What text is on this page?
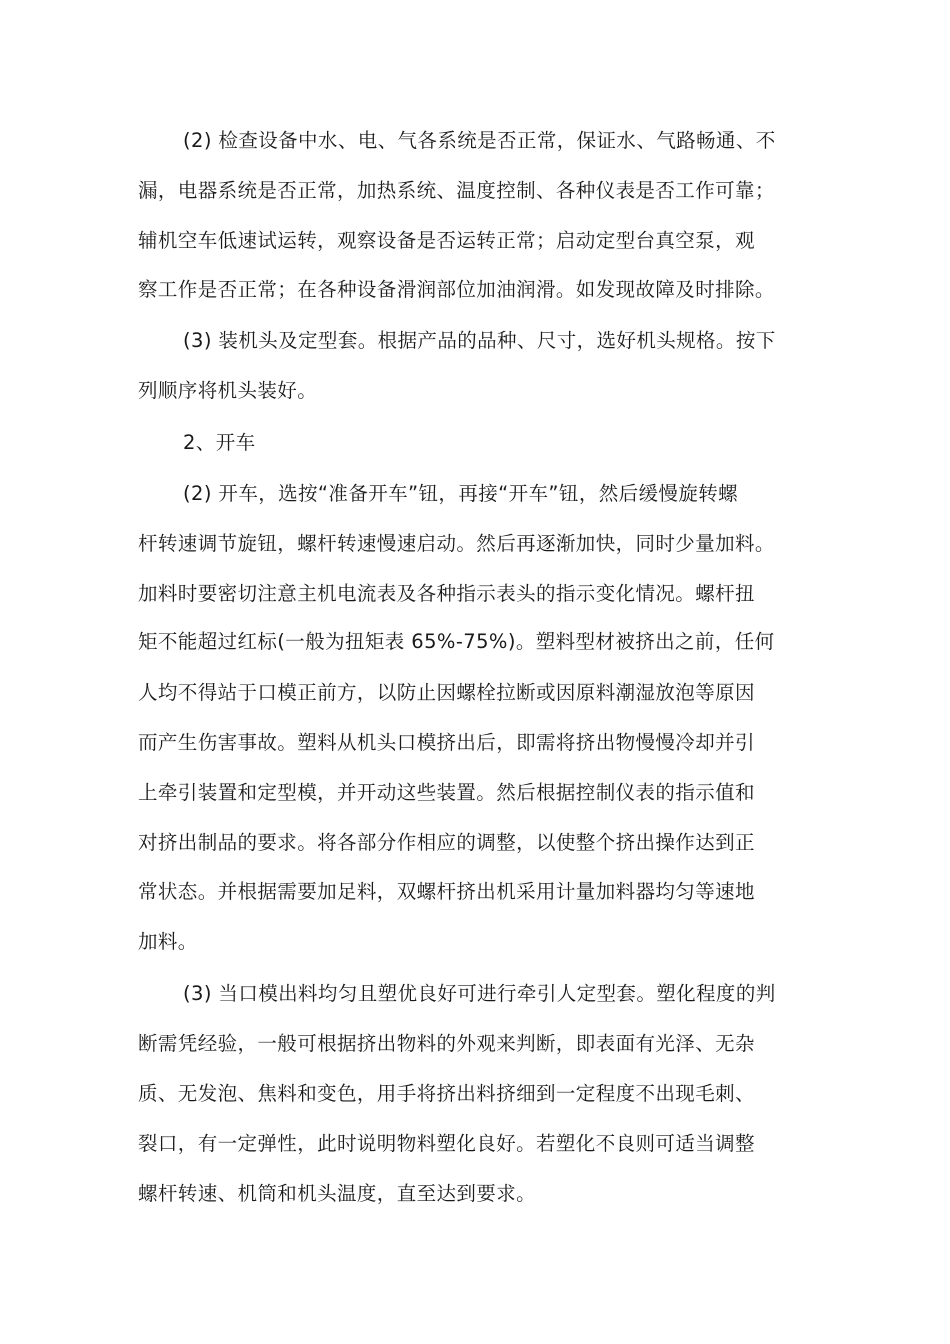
(2) 检查设备中水、电、气各系统是否正常，保证水、气路畅通、不

漏，电器系统是否正常，加热系统、温度控制、各种仪表是否工作可靠；

辅机空车低速试运转，观察设备是否运转正常；启动定型台真空泵，观

察工作是否正常；在各种设备滑润部位加油润滑。如发现故障及时排除。

(3) 装机头及定型套。根据产品的品种、尺寸，选好机头规格。按下

列顺序将机头装好。

2、开车

(2) 开车，选按“准备开车”钮，再接“开车”钮，然后缓慢旋转螺

杆转速调节旋钮，螺杆转速慢速启动。然后再逐渐加快，同时少量加料。

加料时要密切注意主机电流表及各种指示表头的指示变化情况。螺杆扭

矩不能超过红标(一般为扭矩表 65%-75%)。塑料型材被挤出之前，任何

人均不得站于口模正前方，以防止因螺栓拉断或因原料潮湿放泡等原因

而产生伤害事故。塑料从机头口模挤出后，即需将挤出物慢慢冷却并引

上牵引装置和定型模，并开动这些装置。然后根据控制仪表的指示值和

对挤出制品的要求。将各部分作相应的调整，以使整个挤出操作达到正

常状态。并根据需要加足料，双螺杆挤出机采用计量加料器均匀等速地

加料。

(3) 当口模出料均匀且塑优良好可进行牵引人定型套。塑化程度的判

断需凭经验，一般可根据挤出物料的外观来判断，即表面有光泽、无杂

质、无发泡、焦料和变色，用手将挤出料挤细到一定程度不出现毛刺、

裂口，有一定弹性，此时说明物料塑化良好。若塑化不良则可适当调整

螺杆转速、机筒和机头温度，直至达到要求。
